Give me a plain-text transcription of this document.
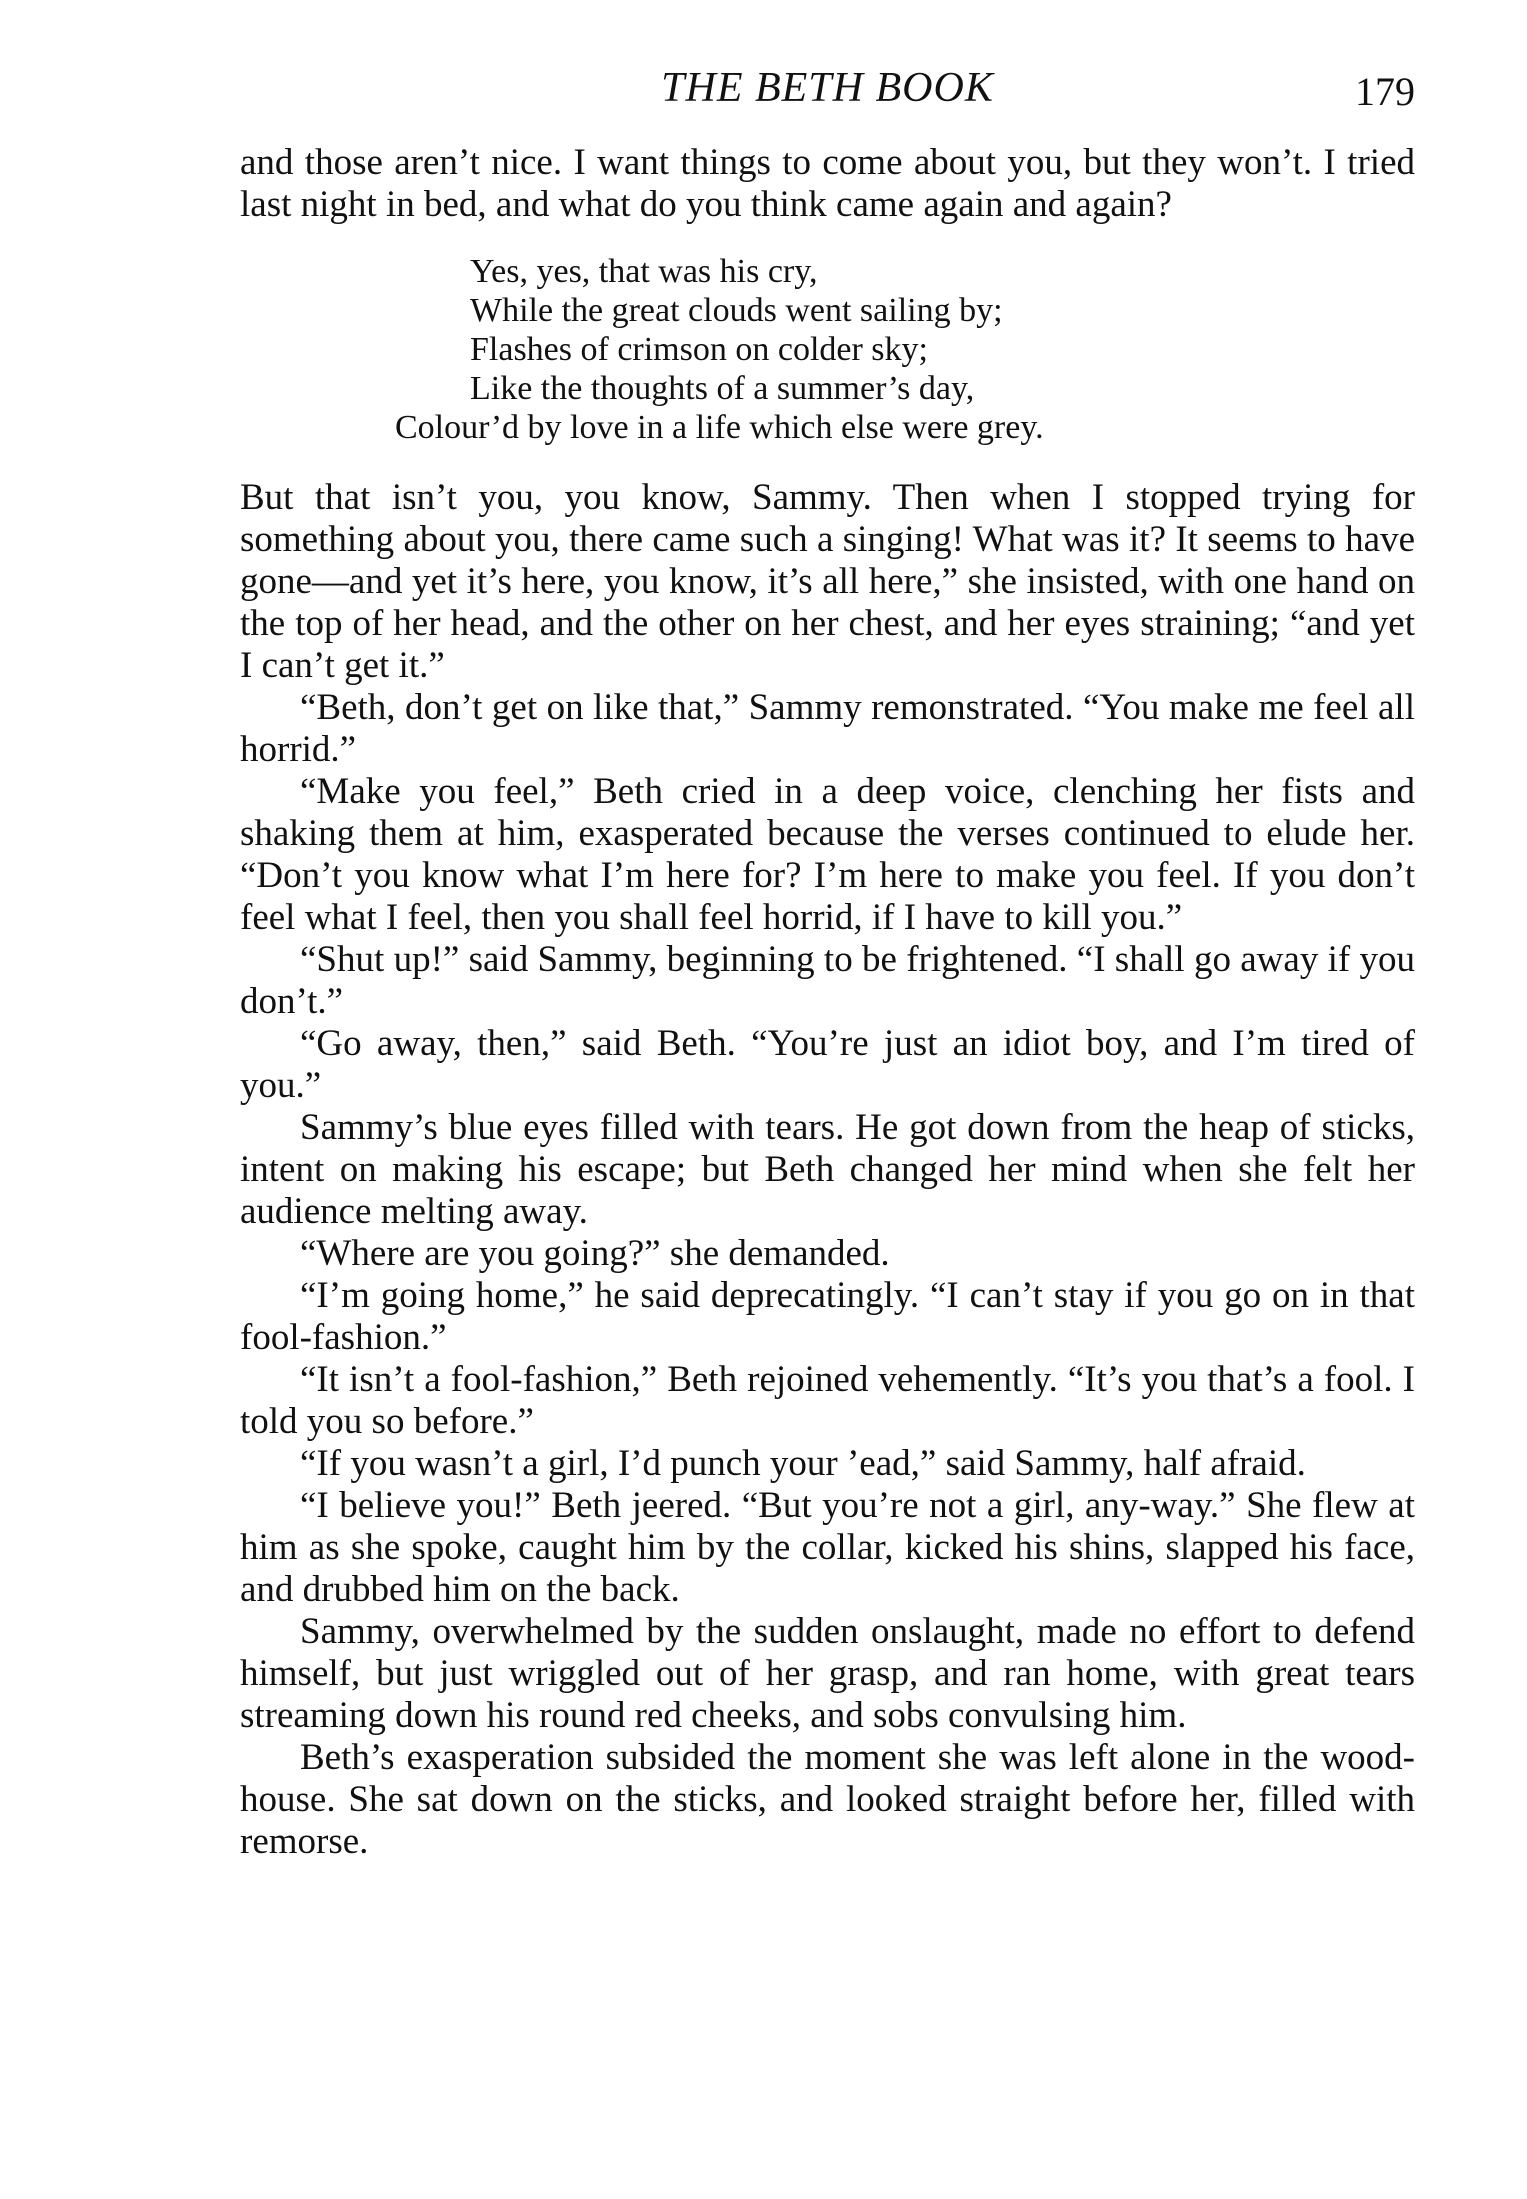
THE BETH BOOK	179

and those aren’t nice. I want things to come about you, but they won’t. I tried last night in bed, and what do you think came again and again?

Yes, yes, that was his cry,
While the great clouds went sailing by;
Flashes of crimson on colder sky;
Like the thoughts of a summer’s day,
Colour’d by love in a life which else were grey.

But that isn’t you, you know, Sammy. Then when I stopped trying for something about you, there came such a singing! What was it? It seems to have gone—and yet it’s here, you know, it’s all here,” she insisted, with one hand on the top of her head, and the other on her chest, and her eyes straining; “and yet I can’t get it.”

“Beth, don’t get on like that,” Sammy remonstrated. “You make me feel all horrid.”

“Make you feel,” Beth cried in a deep voice, clenching her fists and shaking them at him, exasperated because the verses continued to elude her. “Don’t you know what I’m here for? I’m here to make you feel. If you don’t feel what I feel, then you shall feel horrid, if I have to kill you.”

“Shut up!” said Sammy, beginning to be frightened. “I shall go away if you don’t.”

“Go away, then,” said Beth. “You’re just an idiot boy, and I’m tired of you.”

Sammy’s blue eyes filled with tears. He got down from the heap of sticks, intent on making his escape; but Beth changed her mind when she felt her audience melting away.

“Where are you going?” she demanded.

“I’m going home,” he said deprecatingly. “I can’t stay if you go on in that fool-fashion.”

“It isn’t a fool-fashion,” Beth rejoined vehemently. “It’s you that’s a fool. I told you so before.”

“If you wasn’t a girl, I’d punch your ’ead,” said Sammy, half afraid.

“I believe you!” Beth jeered. “But you’re not a girl, any-way.” She flew at him as she spoke, caught him by the collar, kicked his shins, slapped his face, and drubbed him on the back.

Sammy, overwhelmed by the sudden onslaught, made no effort to defend himself, but just wriggled out of her grasp, and ran home, with great tears streaming down his round red cheeks, and sobs convulsing him.

Beth’s exasperation subsided the moment she was left alone in the wood-house. She sat down on the sticks, and looked straight before her, filled with remorse.
